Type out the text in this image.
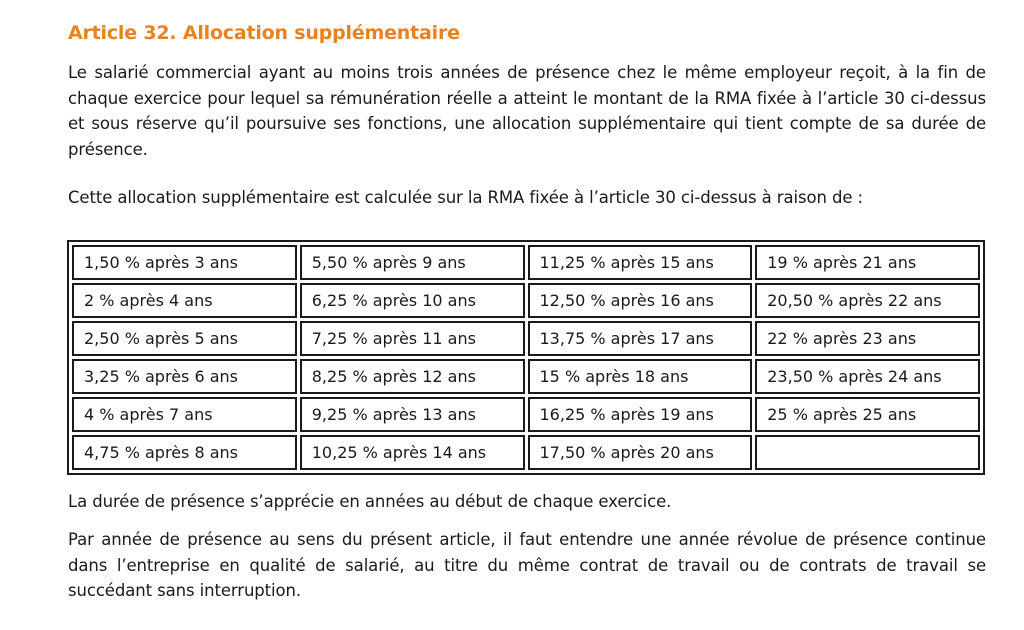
Article 32. Allocation supplémentaire

Le salarié commercial ayant au moins trois années de présence chez le même employeur reçoit, à la fin de chaque exercice pour lequel sa rémunération réelle a atteint le montant de la RMA fixée à l’article 30 ci-dessus et sous réserve qu’il poursuive ses fonctions, une allocation supplémentaire qui tient compte de sa durée de présence.

Cette allocation supplémentaire est calculée sur la RMA fixée à l’article 30 ci-dessus à raison de :

1,50 % après 3 ans	5,50 % après 9 ans	11,25 % après 15 ans	19 % après 21 ans
2 % après 4 ans	6,25 % après 10 ans	12,50 % après 16 ans	20,50 % après 22 ans
2,50 % après 5 ans	7,25 % après 11 ans	13,75 % après 17 ans	22 % après 23 ans
3,25 % après 6 ans	8,25 % après 12 ans	15 % après 18 ans	23,50 % après 24 ans
4 % après 7 ans	9,25 % après 13 ans	16,25 % après 19 ans	25 % après 25 ans
4,75 % après 8 ans	10,25 % après 14 ans	17,50 % après 20 ans	

La durée de présence s’apprécie en années au début de chaque exercice.

Par année de présence au sens du présent article, il faut entendre une année révolue de présence continue dans l’entreprise en qualité de salarié, au titre du même contrat de travail ou de contrats de travail se succédant sans interruption.
